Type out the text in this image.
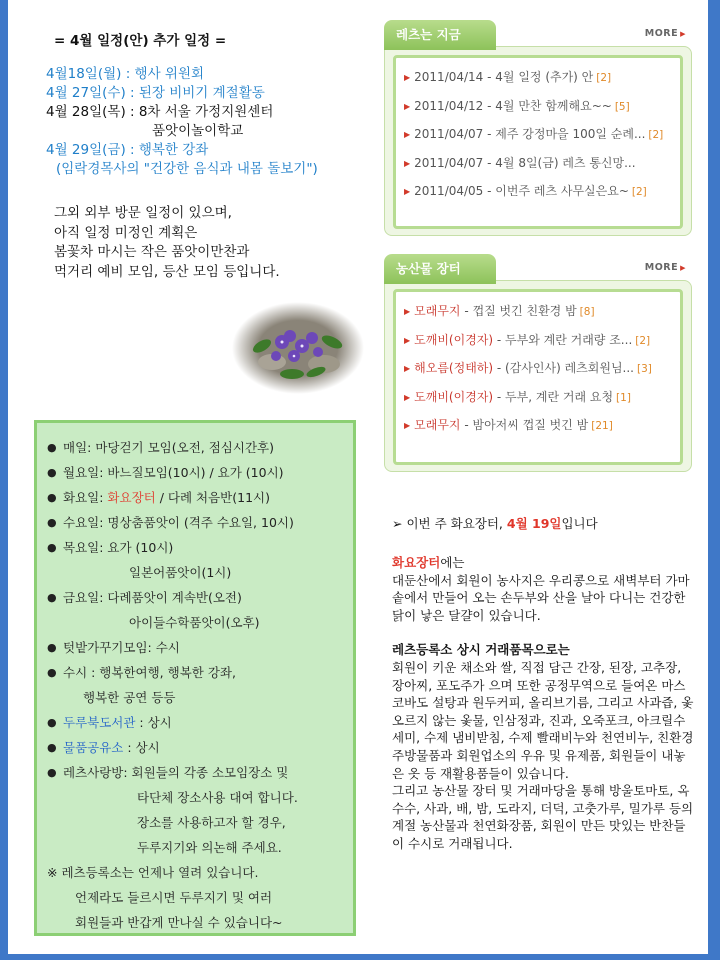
= 4월 일정(안) 추가 일정 =
4월18일(월) : 행사 위원회
4월 27일(수) : 된장 비비기 계절활동
4월 28일(목) : 8차 서울 가정지원센터
품앗이놀이학교
4월 29일(금) : 행복한 강좌
(임락경목사의 "건강한 음식과 내몸 돌보기")
그외 외부 방문 일정이 있으며,
아직 일정 미정인 계획은
봄꽃차 마시는 작은 품앗이만찬과
먹거리 예비 모임, 등산 모임 등입니다.
● 매일: 마당걷기 모임(오전, 점심시간후)
● 월요일: 바느질모임(10시) / 요가 (10시)
● 화요일: 화요장터 / 다례 처음반(11시)
● 수요일: 명상춤품앗이 (격주 수요일, 10시)
● 목요일: 요가 (10시)
일본어품앗이(1시)
● 금요일: 다례품앗이 계속반(오전)
아이들수학품앗이(오후)
● 텃밭가꾸기모임: 수시
● 수시 : 행복한여행, 행복한 강좌,
행복한 공연 등등
● 두루북도서관 : 상시
● 물품공유소 : 상시
● 레츠사랑방: 회원들의 각종 소모임장소 및
타단체 장소사용 대여 합니다.
장소를 사용하고자 할 경우,
두루지기와 의논해 주세요.
※ 레츠등록소는 언제나 열려 있습니다.
언제라도 들르시면 두루지기 및 여러
회원들과 반갑게 만나실 수 있습니다~
▶ 2011/04/14 - 4월 일정 (추가) 안 [2]
▶ 2011/04/12 - 4월 만찬 함께해요~~ [5]
▶ 2011/04/07 - 제주 강정마을 100일 순례... [2]
▶ 2011/04/07 - 4월 8일(금) 레츠 통신망...
▶ 2011/04/05 - 이번주 레츠 사무실은요~ [2]
레츠는 지금	MORE ▶
▶ 모래무지 - 껍질 벗긴 친환경 밤 [8]
▶ 도깨비(이경자) - 두부와 계란 거래량 조... [2]
▶ 해오름(정태하) - (감사인사) 레츠회원님... [3]
▶ 도깨비(이경자) - 두부, 계란 거래 요청 [1]
▶ 모래무지 - 밤아저씨 껍질 벗긴 밤 [21]
농산물 장터	MORE ▶
➢ 이번 주 화요장터, 4월 19일입니다

화요장터에는
대둔산에서 회원이 농사지은 우리콩으로 새벽부터 가마솥에서 만들어 오는 손두부와 산을 날아 다니는 건강한 닭이 낳은 달걀이 있습니다.

레츠등록소 상시 거래품목으로는
회원이 키운 채소와 쌀, 직접 담근 간장, 된장, 고추장, 장아찌, 포도주가 으며 또한 공정무역으로 들여온 마스코바도 설탕과 원두커피, 올리브기름, 그리고 사과즙, 옻 오르지 않는 옻물, 인삼정과, 진과, 오죽포크, 아크릴수세미, 수제 냄비받침, 수제 빨래비누와 천연비누, 친환경 주방물품과 회원업소의 우유 및 유제품, 회원들이 내놓은 옷 등 재활용품들이 있습니다.
그리고 농산물 장터 및 거래마당을 통해 방울토마토, 옥수수, 사과, 배, 밤, 도라지, 더덕, 고춧가루, 밀가루 등의 계절 농산물과 천연화장품, 회원이 만든 맛있는 반찬들이 수시로 거래됩니다.
